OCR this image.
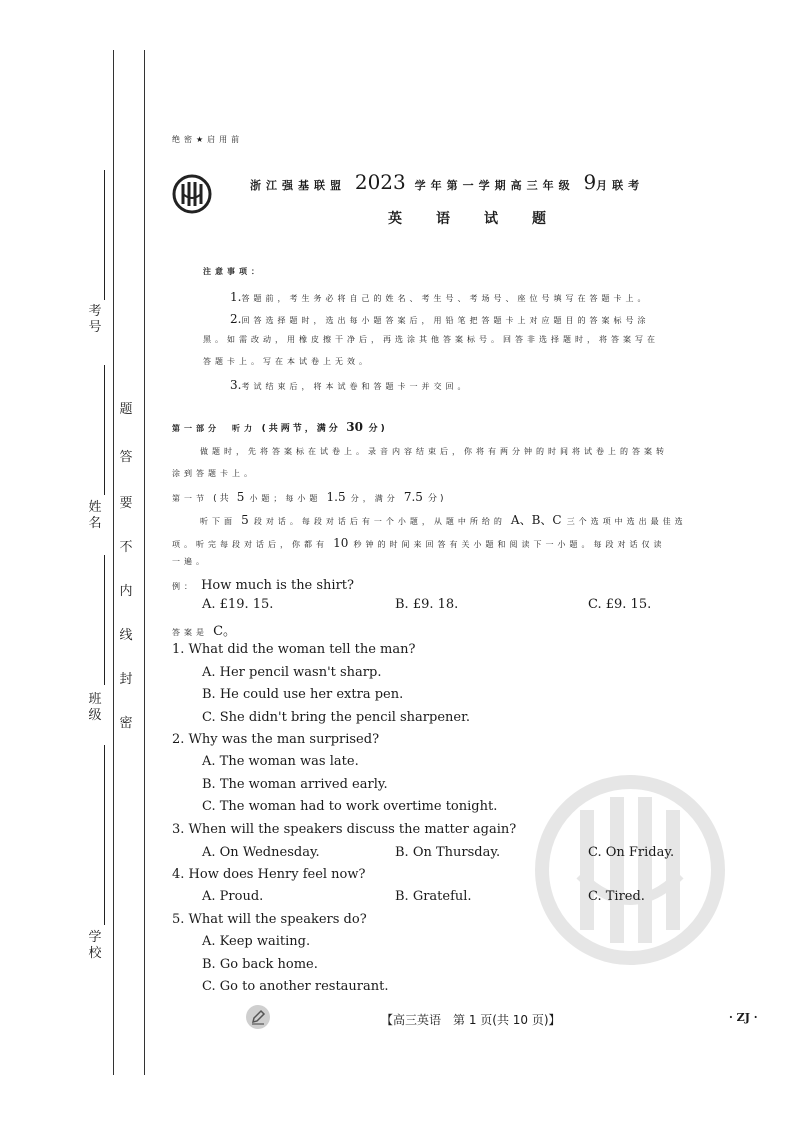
考号
姓名
班级
学校
密
封
线
内
不
要
答
题
绝密★启用前
浙江强基联盟 2023 学年第一学期高三年级 9月联考
英语试题
注意事项：
1.答题前，考生务必将自己的姓名、考生号、考场号、座位号填写在答题卡上。
2.回答选择题时，选出每小题答案后，用铅笔把答题卡上对应题目的答案标号涂
黑。如需改动，用橡皮擦干净后，再选涂其他答案标号。回答非选择题时，将答案写在
答题卡上。写在本试卷上无效。
3.考试结束后，将本试卷和答题卡一并交回。
第一部分　听力 (共两节，满分 30 分)
做题时，先将答案标在试卷上。录音内容结束后，你将有两分钟的时间将试卷上的答案转
涂到答题卡上。
第一节 (共 5 小题；每小题 1.5 分，满分 7.5 分)
听下面 5 段对话。每段对话后有一个小题，从题中所给的 A、B、C 三个选项中选出最佳选
项。听完每段对话后，你都有 10 秒钟的时间来回答有关小题和阅读下一小题。每段对话仅读
一遍。
例： How much is the shirt?
A. £19. 15.	B. £9. 18.	C. £9. 15.
答案是 C。
1. What did the woman tell the man?
A. Her pencil wasn't sharp.
B. He could use her extra pen.
C. She didn't bring the pencil sharpener.
2. Why was the man surprised?
A. The woman was late.
B. The woman arrived early.
C. The woman had to work overtime tonight.
3. When will the speakers discuss the matter again?
A. On Wednesday.	B. On Thursday.	C. On Friday.
4. How does Henry feel now?
A. Proud.	B. Grateful.	C. Tired.
5. What will the speakers do?
A. Keep waiting.
B. Go back home.
C. Go to another restaurant.
【高三英语　第 1 页(共 10 页)】	· ZJ ·
